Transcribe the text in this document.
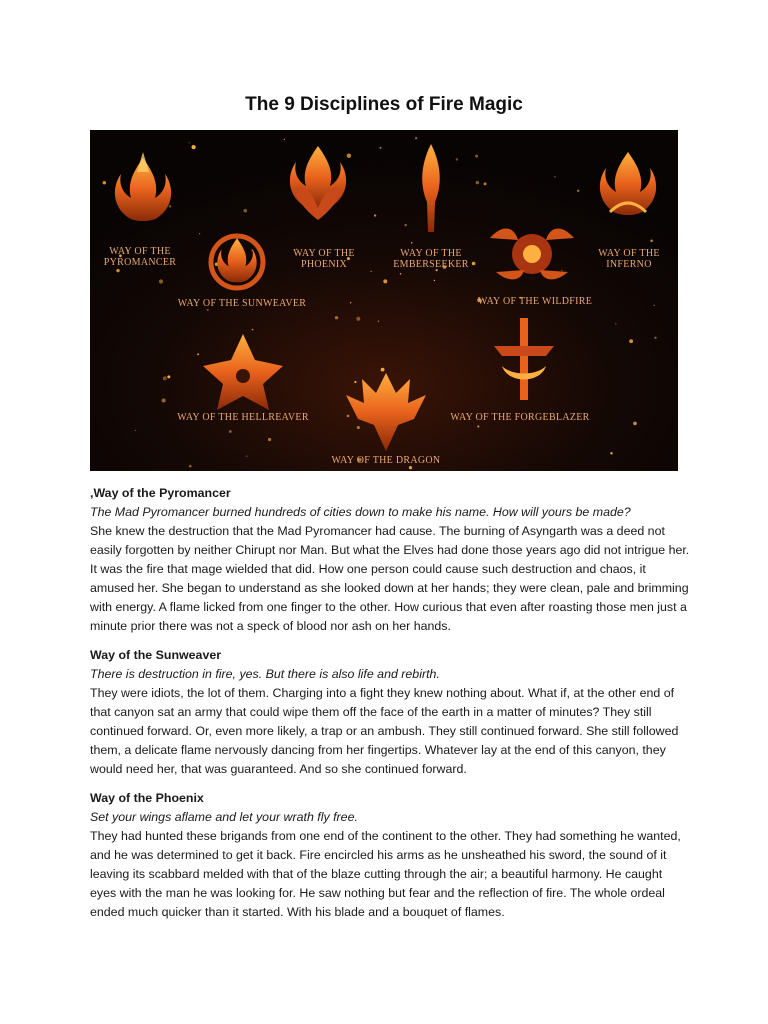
The 9 Disciplines of Fire Magic
WAY OF THE
PYROMANCER
WAY OF THE
PHOENIX
WAY OF THE
EMBERSEEKER
WAY OF THE
INFERNO
WAY OF THE SUNWEAVER	WAY OF THE WILDFIRE
WAY OF THE HELLREAVER	WAY OF THE FORGEBLAZER
WAY OF THE DRAGON
,Way of the Pyromancer
The Mad Pyromancer burned hundreds of cities down to make his name. How will yours be made?
She knew the destruction that the Mad Pyromancer had cause. The burning of Asyngarth was a deed not easily forgotten by neither Chirupt nor Man. But what the Elves had done those years ago did not intrigue her. It was the fire that mage wielded that did. How one person could cause such destruction and chaos, it amused her. She began to understand as she looked down at her hands; they were clean, pale and brimming with energy. A flame licked from one finger to the other. How curious that even after roasting those men just a minute prior there was not a speck of blood nor ash on her hands.
Way of the Sunweaver
There is destruction in fire, yes. But there is also life and rebirth.
They were idiots, the lot of them. Charging into a fight they knew nothing about. What if, at the other end of that canyon sat an army that could wipe them off the face of the earth in a matter of minutes? They still continued forward. Or, even more likely, a trap or an ambush. They still continued forward. She still followed them, a delicate flame nervously dancing from her fingertips. Whatever lay at the end of this canyon, they would need her, that was guaranteed. And so she continued forward.
Way of the Phoenix
Set your wings aflame and let your wrath fly free.
They had hunted these brigands from one end of the continent to the other. They had something he wanted, and he was determined to get it back. Fire encircled his arms as he unsheathed his sword, the sound of it leaving its scabbard melded with that of the blaze cutting through the air; a beautiful harmony. He caught eyes with the man he was looking for. He saw nothing but fear and the reflection of fire. The whole ordeal ended much quicker than it started. With his blade and a bouquet of flames.
